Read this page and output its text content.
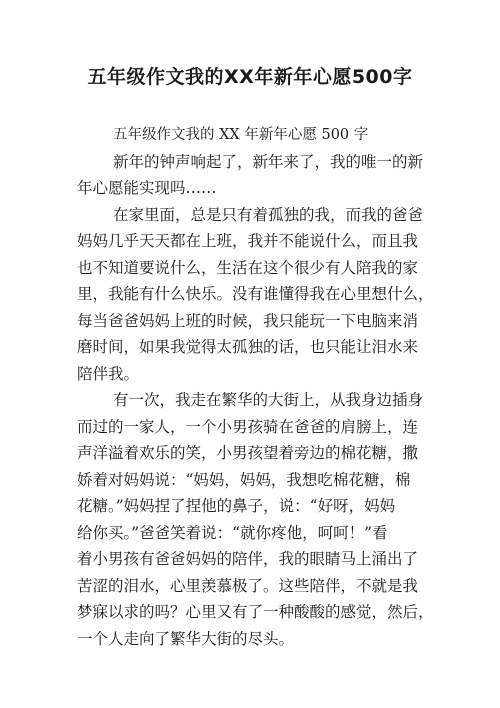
五年级作文我的XX年新年心愿500字
五年级作文我的 XX 年新年心愿 500 字
新年的钟声响起了，新年来了，我的唯一的新
年心愿能实现吗……
在家里面，总是只有着孤独的我，而我的爸爸
妈妈几乎天天都在上班，我并不能说什么，而且我
也不知道要说什么，生活在这个很少有人陪我的家
里，我能有什么快乐。没有谁懂得我在心里想什么，
每当爸爸妈妈上班的时候，我只能玩一下电脑来消
磨时间，如果我觉得太孤独的话，也只能让泪水来
陪伴我。
有一次，我走在繁华的大街上，从我身边插身
而过的一家人，一个小男孩骑在爸爸的肩膀上，连
声洋溢着欢乐的笑，小男孩望着旁边的棉花糖，撒
娇着对妈妈说：“妈妈，妈妈，我想吃棉花糖，棉
花糖。”妈妈捏了捏他的鼻子，说：“好呀，妈妈
给你买。”爸爸笑着说：“就你疼他，呵呵！”看
着小男孩有爸爸妈妈的陪伴，我的眼睛马上涌出了
苦涩的泪水，心里羡慕极了。这些陪伴，不就是我
梦寐以求的吗？心里又有了一种酸酸的感觉，然后，
一个人走向了繁华大街的尽头。
